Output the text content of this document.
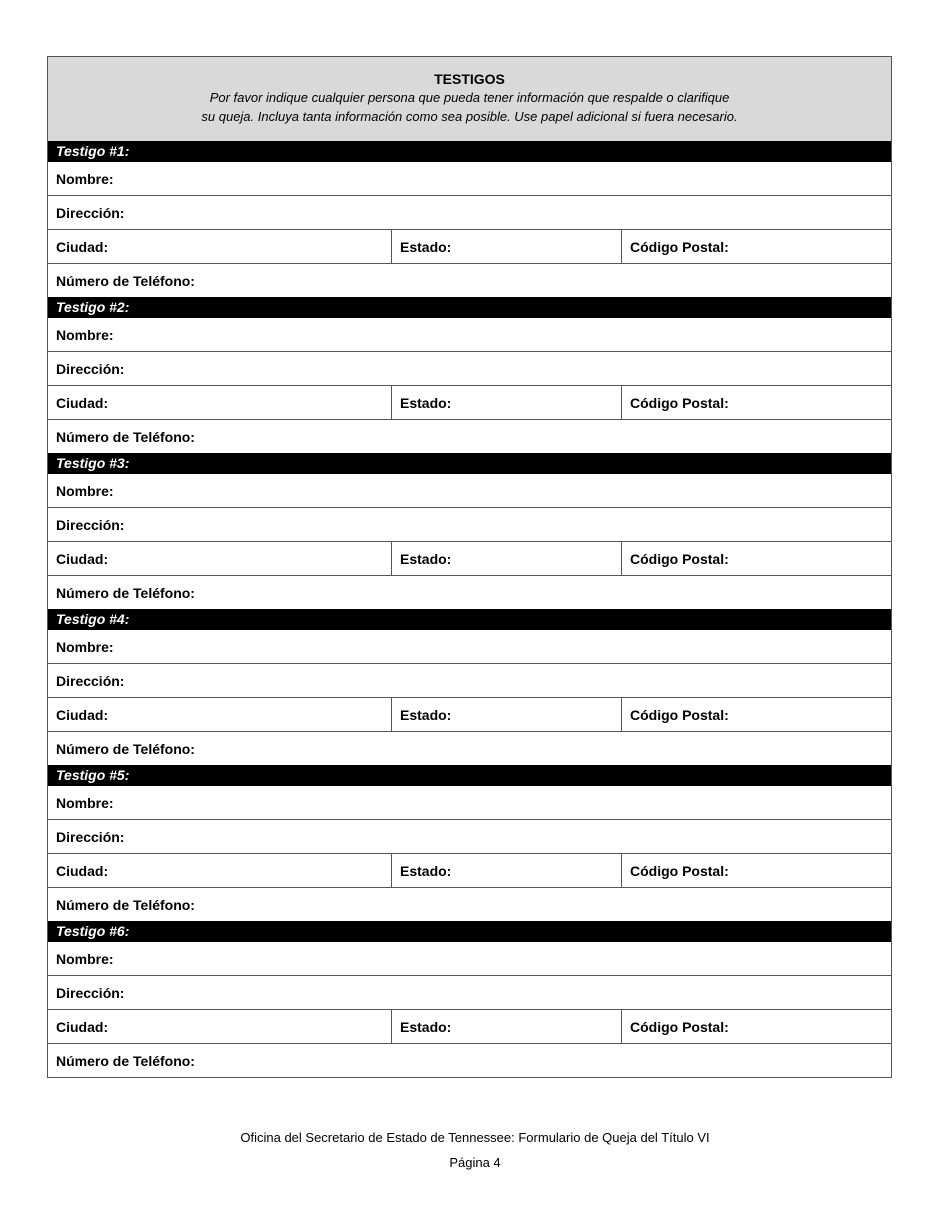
TESTIGOS
Por favor indique cualquier persona que pueda tener información que respalde o clarifique
su queja. Incluya tanta información como sea posible. Use papel adicional si fuera necesario.
Testigo #1:
Nombre:
Dirección:
Ciudad:	Estado:	Código Postal:
Número de Teléfono:
Testigo #2:
Nombre:
Dirección:
Ciudad:	Estado:	Código Postal:
Número de Teléfono:
Testigo #3:
Nombre:
Dirección:
Ciudad:	Estado:	Código Postal:
Número de Teléfono:
Testigo #4:
Nombre:
Dirección:
Ciudad:	Estado:	Código Postal:
Número de Teléfono:
Testigo #5:
Nombre:
Dirección:
Ciudad:	Estado:	Código Postal:
Número de Teléfono:
Testigo #6:
Nombre:
Dirección:
Ciudad:	Estado:	Código Postal:
Número de Teléfono:
Oficina del Secretario de Estado de Tennessee: Formulario de Queja del Título VI
Página 4
